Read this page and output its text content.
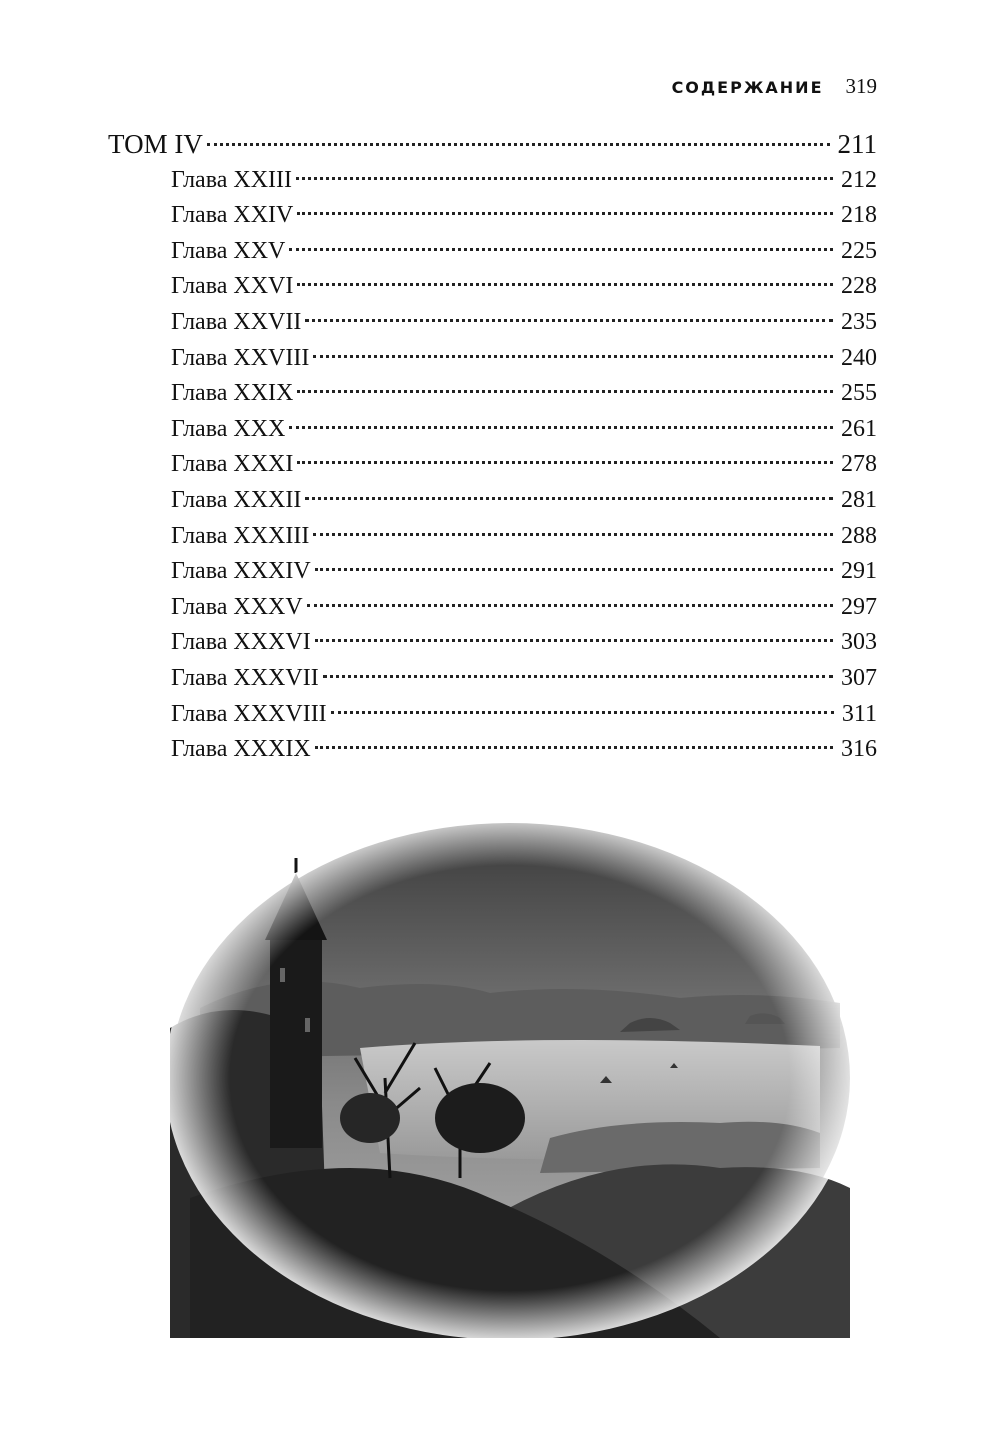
СОДЕРЖАНИЕ 319
ТОМ IV	211
Глава XXIII	212
Глава XXIV	218
Глава XXV	225
Глава XXVI	228
Глава XXVII	235
Глава XXVIII	240
Глава XXIX	255
Глава XXX	261
Глава XXXI	278
Глава XXXII	281
Глава XXXIII	288
Глава XXXIV	291
Глава XXXV	297
Глава XXXVI	303
Глава XXXVII	307
Глава XXXVIII	311
Глава XXXIX	316
